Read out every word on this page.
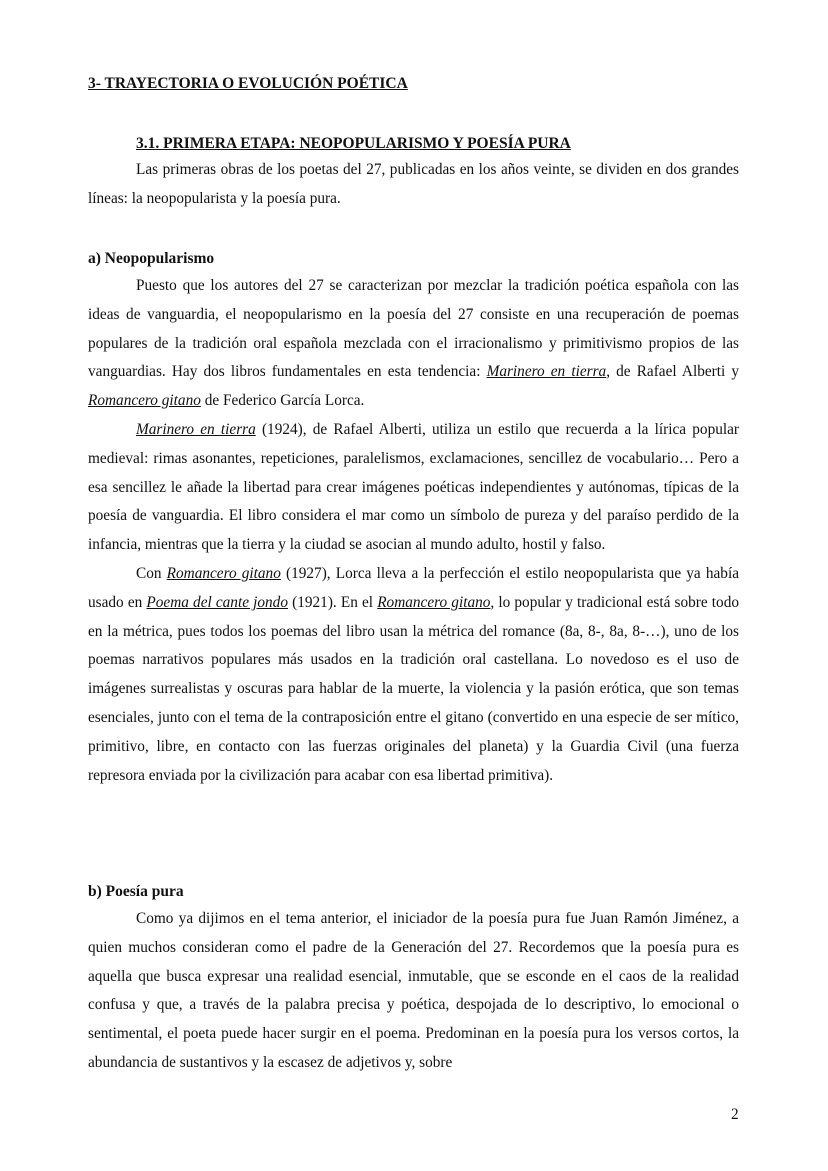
3- TRAYECTORIA O EVOLUCIÓN POÉTICA
3.1. PRIMERA ETAPA: NEOPOPULARISMO Y POESÍA PURA

Las primeras obras de los poetas del 27, publicadas en los años veinte, se dividen en dos grandes líneas: la neopopularista y la poesía pura.

a) Neopopularismo

Puesto que los autores del 27 se caracterizan por mezclar la tradición poética española con las ideas de vanguardia, el neopopularismo en la poesía del 27 consiste en una recuperación de poemas populares de la tradición oral española mezclada con el irracionalismo y primitivismo propios de las vanguardias. Hay dos libros fundamentales en esta tendencia: Marinero en tierra, de Rafael Alberti y Romancero gitano de Federico García Lorca.

Marinero en tierra (1924), de Rafael Alberti, utiliza un estilo que recuerda a la lírica popular medieval: rimas asonantes, repeticiones, paralelismos, exclamaciones, sencillez de vocabulario… Pero a esa sencillez le añade la libertad para crear imágenes poéticas independientes y autónomas, típicas de la poesía de vanguardia. El libro considera el mar como un símbolo de pureza y del paraíso perdido de la infancia, mientras que la tierra y la ciudad se asocian al mundo adulto, hostil y falso.

Con Romancero gitano (1927), Lorca lleva a la perfección el estilo neopopularista que ya había usado en Poema del cante jondo (1921). En el Romancero gitano, lo popular y tradicional está sobre todo en la métrica, pues todos los poemas del libro usan la métrica del romance (8a, 8-, 8a, 8-…), uno de los poemas narrativos populares más usados en la tradición oral castellana. Lo novedoso es el uso de imágenes surrealistas y oscuras para hablar de la muerte, la violencia y la pasión erótica, que son temas esenciales, junto con el tema de la contraposición entre el gitano (convertido en una especie de ser mítico, primitivo, libre, en contacto con las fuerzas originales del planeta) y la Guardia Civil (una fuerza represora enviada por la civilización para acabar con esa libertad primitiva).

b) Poesía pura

Como ya dijimos en el tema anterior, el iniciador de la poesía pura fue Juan Ramón Jiménez, a quien muchos consideran como el padre de la Generación del 27. Recordemos que la poesía pura es aquella que busca expresar una realidad esencial, inmutable, que se esconde en el caos de la realidad confusa y que, a través de la palabra precisa y poética, despojada de lo descriptivo, lo emocional o sentimental, el poeta puede hacer surgir en el poema. Predominan en la poesía pura los versos cortos, la abundancia de sustantivos y la escasez de adjetivos y, sobre

2
